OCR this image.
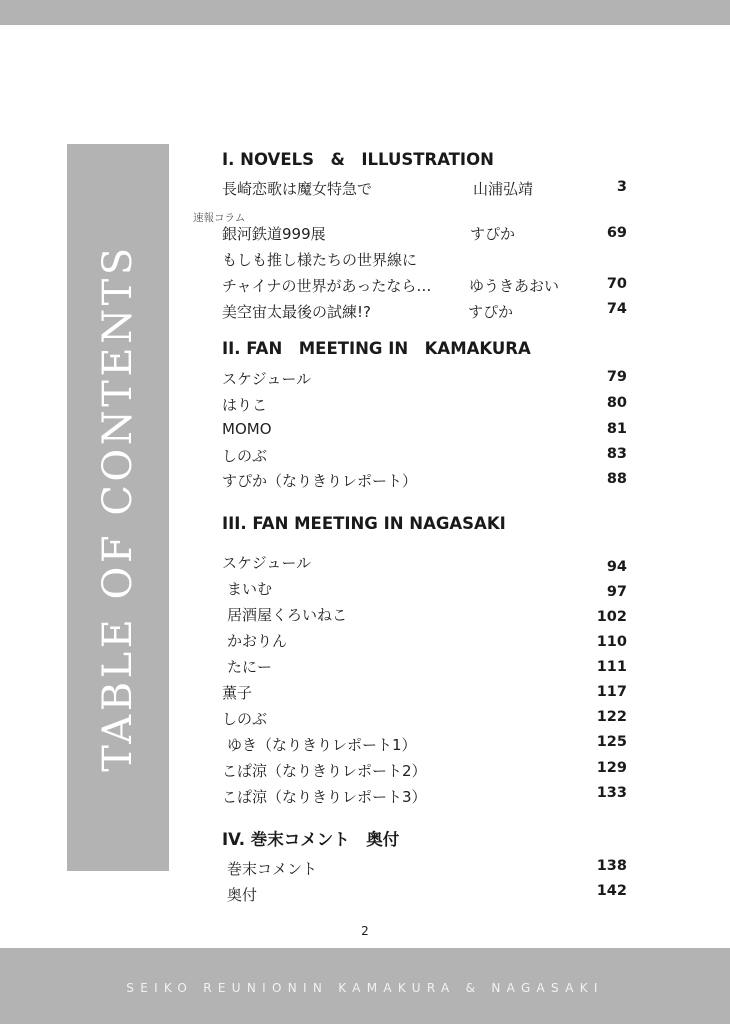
TABLE OF CONTENTS
I. NOVELS　&　ILLUSTRATION
長崎恋歌は魔女特急で	山浦弘靖	3
速報コラム
銀河鉄道999展	すぴか	69
もしも推し様たちの世界線に
チャイナの世界があったなら…	ゆうきあおい	70
美空宙太最後の試練!?	すぴか	74
II. FAN　MEETING IN　KAMAKURA
スケジュール	79
はりこ	80
MOMO	81
しのぶ	83
すぴか（なりきりレポート）	88
III. FAN MEETING IN NAGASAKI
スケジュール	94
まいむ	97
居酒屋くろいねこ	102
かおりん	110
たにー	111
薫子	117
しのぶ	122
ゆき（なりきりレポート1）	125
こぱ涼（なりきりレポート2）	129
こぱ涼（なりきりレポート3）	133
IV. 巻末コメント　奥付
巻末コメント	138
奥付	142
2
SEIKO REUNIONIN KAMAKURA & NAGASAKI
